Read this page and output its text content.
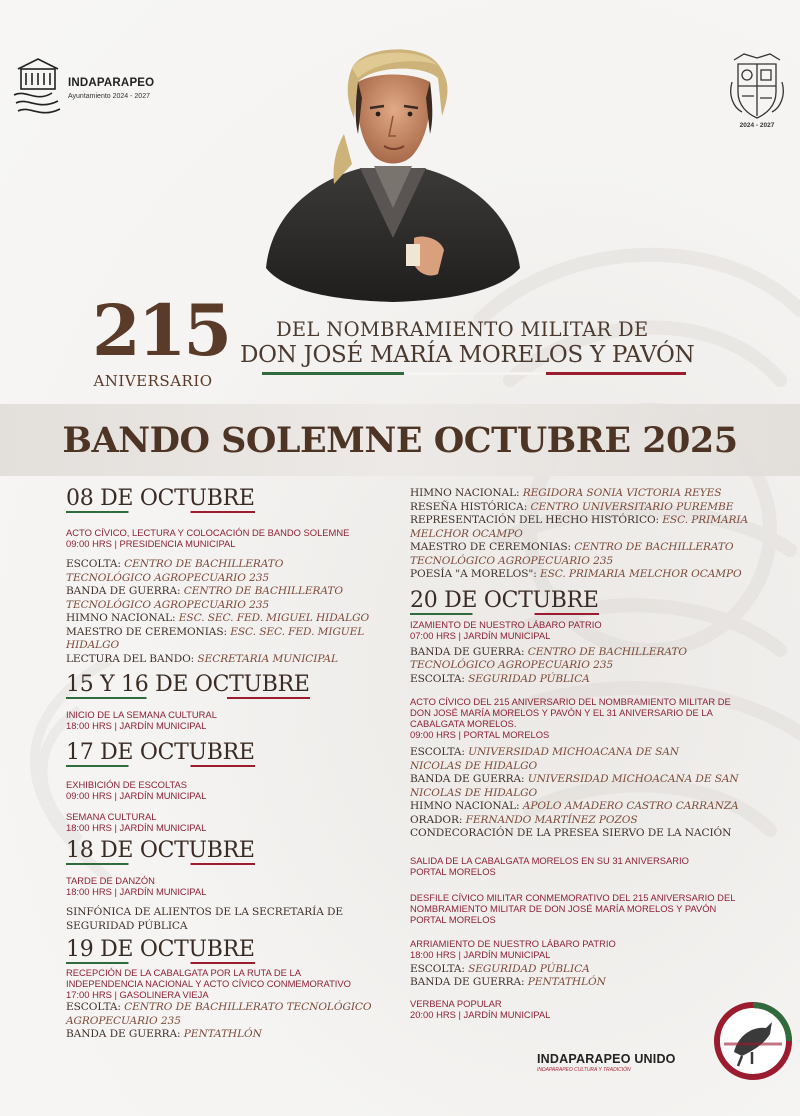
INDAPARAPEO
Ayuntamiento 2024 - 2027
2024 - 2027
215
ANIVERSARIO
DEL NOMBRAMIENTO MILITAR DE
DON JOSÉ MARÍA MORELOS Y PAVÓN
BANDO SOLEMNE OCTUBRE 2025
08 DE OCTUBRE
ACTO CÍVICO, LECTURA Y COLOCACIÓN DE BANDO SOLEMNE
09:00 HRS | PRESIDENCIA MUNICIPAL
ESCOLTA: CENTRO DE BACHILLERATO
TECNOLÓGICO AGROPECUARIO 235
BANDA DE GUERRA: CENTRO DE BACHILLERATO
TECNOLÓGICO AGROPECUARIO 235
HIMNO NACIONAL: ESC. SEC. FED. MIGUEL HIDALGO
MAESTRO DE CEREMONIAS: ESC. SEC. FED. MIGUEL
HIDALGO
LECTURA DEL BANDO: SECRETARIA MUNICIPAL
15 Y 16 DE OCTUBRE
INICIO DE LA SEMANA CULTURAL
18:00 HRS | JARDÍN MUNICIPAL
17 DE OCTUBRE
EXHIBICIÓN DE ESCOLTAS
09:00 HRS | JARDÍN MUNICIPAL
SEMANA CULTURAL
18:00 HRS | JARDÍN MUNICIPAL
18 DE OCTUBRE
TARDE DE DANZÓN
18:00 HRS | JARDÍN MUNICIPAL
SINFÓNICA DE ALIENTOS DE LA SECRETARÍA DE
SEGURIDAD PÚBLICA
19 DE OCTUBRE
RECEPCIÓN DE LA CABALGATA POR LA RUTA DE LA
INDEPENDENCIA NACIONAL Y ACTO CÍVICO CONMEMORATIVO
17:00 HRS | GASOLINERA VIEJA
ESCOLTA: CENTRO DE BACHILLERATO TECNOLÓGICO
AGROPECUARIO 235
BANDA DE GUERRA: PENTATHLÓN
HIMNO NACIONAL: REGIDORA SONIA VICTORIA REYES
RESEÑA HISTÓRICA: CENTRO UNIVERSITARIO PUREMBE
REPRESENTACIÓN DEL HECHO HISTÓRICO: ESC. PRIMARIA
MELCHOR OCAMPO
MAESTRO DE CEREMONIAS: CENTRO DE BACHILLERATO
TECNOLÓGICO AGROPECUARIO 235
POESÍA "A MORELOS": ESC. PRIMARIA MELCHOR OCAMPO
20 DE OCTUBRE
IZAMIENTO DE NUESTRO LÁBARO PATRIO
07:00 HRS | JARDÍN MUNICIPAL
BANDA DE GUERRA: CENTRO DE BACHILLERATO
TECNOLÓGICO AGROPECUARIO 235
ESCOLTA: SEGURIDAD PÚBLICA
ACTO CÍVICO DEL 215 ANIVERSARIO DEL NOMBRAMIENTO MILITAR DE
DON JOSÉ MARÍA MORELOS Y PAVÓN Y EL 31 ANIVERSARIO DE LA
CABALGATA MORELOS.
09:00 HRS | PORTAL MORELOS
ESCOLTA: UNIVERSIDAD MICHOACANA DE SAN
NICOLAS DE HIDALGO
BANDA DE GUERRA: UNIVERSIDAD MICHOACANA DE SAN
NICOLAS DE HIDALGO
HIMNO NACIONAL: APOLO AMADERO CASTRO CARRANZA
ORADOR: FERNANDO MARTÍNEZ POZOS
CONDECORACIÓN DE LA PRESEA SIERVO DE LA NACIÓN
SALIDA DE LA CABALGATA MORELOS EN SU 31 ANIVERSARIO
PORTAL MORELOS
DESFILE CÍVICO MILITAR CONMEMORATIVO DEL 215 ANIVERSARIO DEL
NOMBRAMIENTO MILITAR DE DON JOSÉ MARÍA MORELOS Y PAVÓN
PORTAL MORELOS
ARRIAMIENTO DE NUESTRO LÁBARO PATRIO
18:00 HRS | JARDÍN MUNICIPAL
ESCOLTA: SEGURIDAD PÚBLICA
BANDA DE GUERRA: PENTATHLÓN
VERBENA POPULAR
20:00 HRS | JARDÍN MUNICIPAL
INDAPARAPEO UNIDO
INDAPARAPEO CULTURA Y TRADICIÓN
